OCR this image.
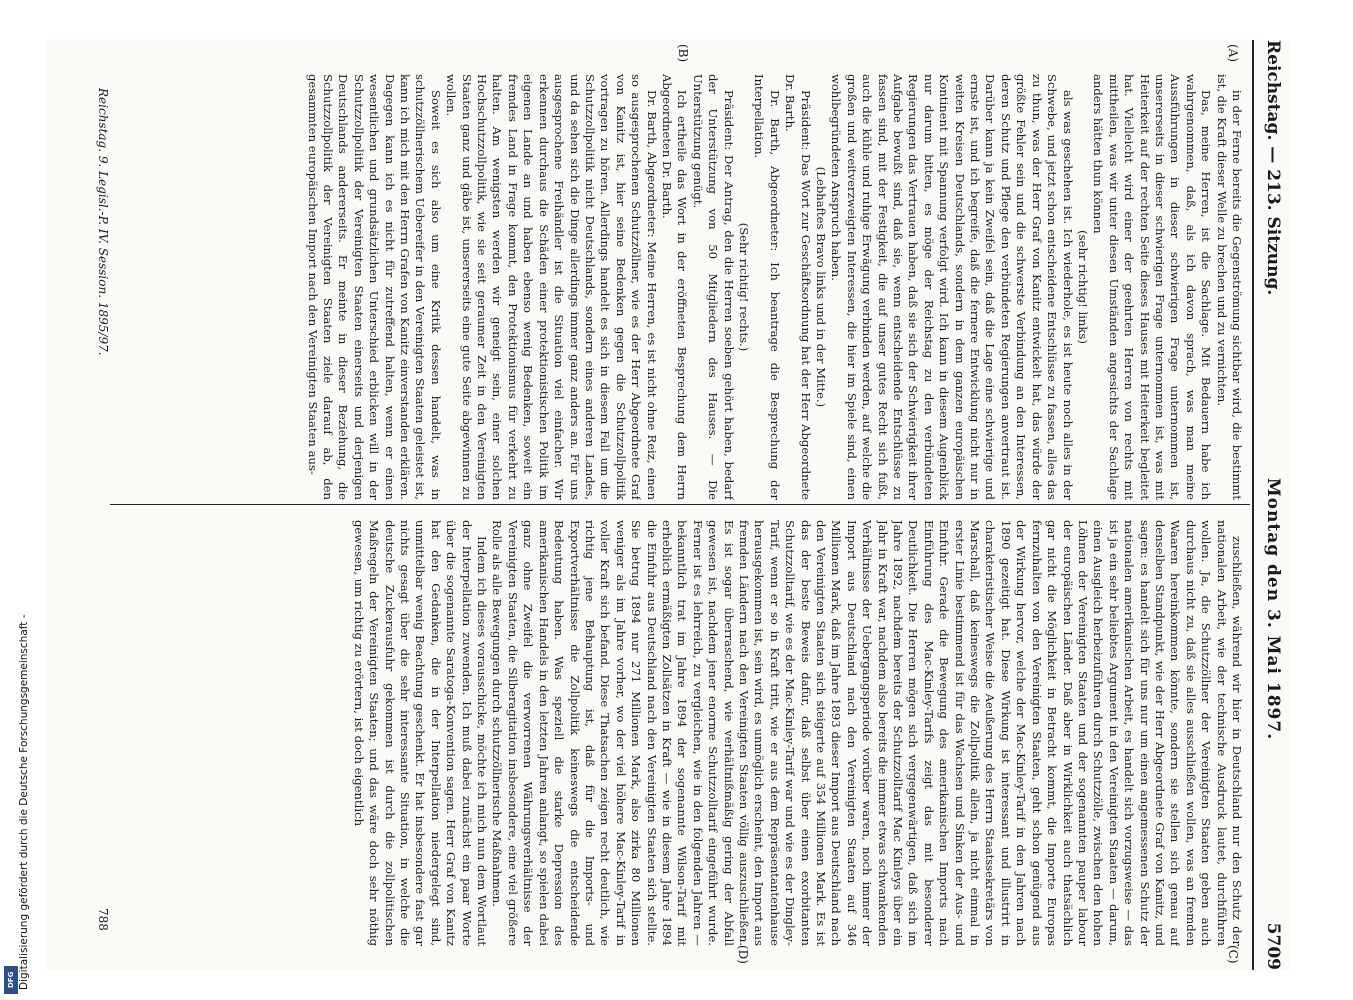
Digitalisierung gefördert durch die Deutsche Forschungsgemeinschaft -
DFG
Reichstag. — 213. Sitzung.
Montag den 3. Mai 1897.
5709
(A)
(B)
(C)
(D)

in der Ferne bereits die Gegenströmung sichtbar wird, die bestimmt ist, die Kraft dieser Welle zu brechen und zu vernichten.

Das, meine Herren, ist die Sachlage. Mit Bedauern habe ich wahrgenommen, daß, als ich davon sprach, was man meine Aussführungen in dieser schwierigen Frage unternommen ist, unsererseits in dieser schwierigen Frage unternommen ist, was mit Heiterkeit auf der rechten Seite dieses Hauses mit Heiterkeit begleitet hat. Vielleicht wird einer der geehrten Herren von rechts mit mittheilen, was wir unter diesen Umständen angesichts der Sachlage anders hätten thun können

(sehr richtig! links)

als was geschehen ist. Ich wiederhole, es ist heute noch alles in der Schwebe, und jetzt schon entscheidene Entschlüsse zu fassen, alles das zu thun, was der Herr Graf von Kanitz entwickelt hat, das würde der größte Fehler sein und die schwerste Verbindung an den Interessen, deren Schutz und Pflege den verbündeten Regierungen anvertraut ist. Darüber kann ja kein Zweifel sein, daß die Lage eine schwierige und ernste ist, und ich begreife, daß die fernere Entwicklung nicht nur in weiten Kreisen Deutschlands, sondern in dem ganzen europäischen Kontinent mit Spannung verfolgt wird. Ich kann in diesem Augenblick nur darum bitten, es möge der Reichstag zu den verbündeten Regierungen das Vertrauen haben, daß sie sich der Schwierigkeit ihrer Aufgabe bewußt sind, daß sie, wenn entscheidende Entschlüsse zu fassen sind, mit der Festigkeit, die auf unser gutes Recht sich fußt, auch die kühle und ruhige Erwägung verbinden werden, auf welche die großen und weitverzweigten Interessen, die hier im Spiele sind, einen wohlbegründeten Anspruch haben.

(Lebhaftes Bravo links und in der Mitte.)

Präsident: Das Wort zur Geschäftsordnung hat der Herr Abgeordnete Dr. Barth.

Dr. Barth, Abgeordneter: Ich beantrage die Besprechung der Interpellation.

(Sehr richtig! rechts.)

Präsident: Der Antrag, den die Herren soeben gehört haben, bedarf der Unterstützung von 50 Mitgliedern des Hauses. — Die Unterstützung genügt.

Ich ertheile das Wort in der eröffneten Besprechung dem Herrn Abgeordneten Dr. Barth.

Dr. Barth, Abgeordneter: Meine Herren, es ist nicht ohne Reiz, einen so ausgesprochenen Schutzzöllner, wie es der Herr Abgeordnete Graf von Kanitz ist, hier seine Bedenken gegen die Schutzzollpolitik vortragen zu hören. Allerdings handelt es sich in diesem Fall um die Schutzzollpolitik nicht Deutschlands, sondern eines anderen Landes, und da sehen sich die Dinge allerdings immer ganz anders an. Für uns ausgesprochene Freihändler ist die Situation viel einfacher. Wir erkennen durchaus die Schäden einer protektionistischen Politik im eigenen Lande an und haben ebenso wenig Bedenken, soweit ein fremdes Land in Frage kommt, den Protektionismus für verkehrt zu halten. Am wenigsten werden wir geneigt sein, einer solchen Hochschutzzollpolitik, wie sie seit geraumer Zeit in den Vereinigten Staaten ganz und gäbe ist, unsererseits eine gute Seite abgewinnen zu wollen.

Soweit es sich also um eine Kritik dessen handelt, was in schutzzöllnerischem Uebereifer in den Vereinigten Staaten geleistet ist, kann ich mich mit den Herrn Grafen von Kanitz einverstanden erklären. Dagegen kann ich es nicht für zutreffend halten, wenn er einen wesentlichen und grundsätzlichen Unterschied erblicken will in der Schutzzollpolitik der Vereinigten Staaten einerseits und derjenigen Deutschlands andererseits. Er meinte in dieser Beziehung, die Schutzzollpolitik der Vereinigten Staaten ziele darauf ab, den gesammten europäischen Import nach den Vereinigten Staaten aus-

zuschließen, während wir hier in Deutschland nur den Schutz der nationalen Arbeit, wie der technische Ausdruck lautet, durchführen wollen. Ja, die Schutzzöllner der Vereinigten Staaten geben auch durchaus nicht zu, daß sie alles ausschließen wollen, was an fremden Waaren hereinkommen könnte, sondern sie stellen sich genau auf denselben Standpunkt, wie der Herr Abgeordnete Graf von Kanitz, und sagen: es handelt sich für uns nur um einen angemessenen Schutz der nationalen amerikanischen Arbeit, es handelt sich vorzugsweise — das ist ja ein sehr beliebtes Argument in den Vereinigten Staaten — darum, einen Ausgleich herbeizuführen durch Schutzzölle, zwischen den hohen Löhnen der Vereinigten Staaten und der sogenannten pauper labour der europäischen Länder. Daß aber in Wirklichkeit auch thatsächlich gar nicht die Möglichkeit in Betracht kommt, die Importe Europas fernzuhalten von den Vereinigten Staaten, geht schon genügend aus der Wirkung hervor, welche der Mac-Kinley-Tarif in den Jahren nach 1890 gezeitigt hat. Diese Wirkung ist interessant und illustrirt in charakteristischer Weise die Aeußerung des Herrn Staatssekretärs von Marschall, daß keineswegs die Zollpolitik allein, ja nicht einmal in erster Linie bestimmend ist für das Wachsen und Sinken der Aus- und Einfuhr. Gerade die Bewegung des amerikanischen Imports nach Einführung des Mac-Kinley-Tarifs zeigt das mit besonderer Deutlichkeit. Die Herren mögen sich vergegenwärtigen, daß sich im Jahre 1892, nachdem bereits der Schutzzolltarif Mac Kinleys über ein Jahr in Kraft war, nachdem also bereits die immer etwas schwankenden Verhältnisse der Uebergangsperiode vorüber waren, noch immer der Import aus Deutschland nach den Vereinigten Staaten auf 346 Millionen Mark, daß im Jahre 1893 dieser Import aus Deutschland nach den Vereinigten Staaten sich steigerte auf 354 Millionen Mark. Es ist das der beste Beweis dafür, daß selbst über einen exorbitanten Schutzzolltarif, wie es der Mac-Kinley-Tarif war und wie es der Dingley-Tarif, wenn er so in Kraft tritt, wie er aus dem Repräsentantenhause herausgekommen ist, sein wird, es unmöglich erscheint, den Import aus fremden Ländern nach den Vereinigten Staaten völlig auszuschließen. Es ist sogar überraschend, wie verhältnißmäßig gering der Abfall gewesen ist, nachdem jener enorme Schutzzolltarif eingeführt wurde. Ferner ist es lehrreich, zu vergleichen, wie in den folgenden Jahren — bekanntlich trat im Jahre 1894 der sogenannte Wilson-Tarif mit erheblich ermäßigten Zollsätzen in Kraft — wie in diesem Jahre 1894 die Einfuhr aus Deutschland nach den Vereinigten Staaten sich stellte. Sie betrug 1894 nur 271 Millionen Mark, also zirka 80 Millionen weniger als im Jahre vorher, wo der viel höhere Mac-Kinley-Tarif in voller Kraft sich befand. Diese Thatsachen zeigen recht deutlich, wie richtig jene Behauptung ist, daß für die Imports- und Exportverhältnisse die Zollpolitik keineswegs die entscheidende Bedeutung haben. Was speziell die starke Depression des amerikanischen Handels in den letzten Jahren anlangt, so spielen dabei ganz ohne Zweifel die verworrenen Währungsverhältnisse der Vereinigten Staaten, die Silberagitation insbesondere, eine viel größere Rolle als alle Bewegungen durch schutzzöllnerische Maßnahmen.

Indem ich dieses vorausschicke, möchte ich mich nun dem Wortlaut der Interpellation zuwenden. Ich muß dabei zunächst ein paar Worte über die sogenannte Saratoga-Konvention sagen. Herr Graf von Kanitz hat den Gedanken, die in der Interpellation niedergelegt sind, unmittelbar wenig Beachtung geschenkt. Er hat insbesondere fast gar nichts gesagt über die sehr interessante Situation, in welche die deutsche Zuckerausfuhr gekommen ist durch die zollpolitischen Maßregeln der Vereinigten Staaten; und das wäre doch sehr nöthig gewesen, um richtig zu erörtern, ist doch eigentlich

Reichstag. 9. Legisl.-P. IV. Session. 1895/97.
788
